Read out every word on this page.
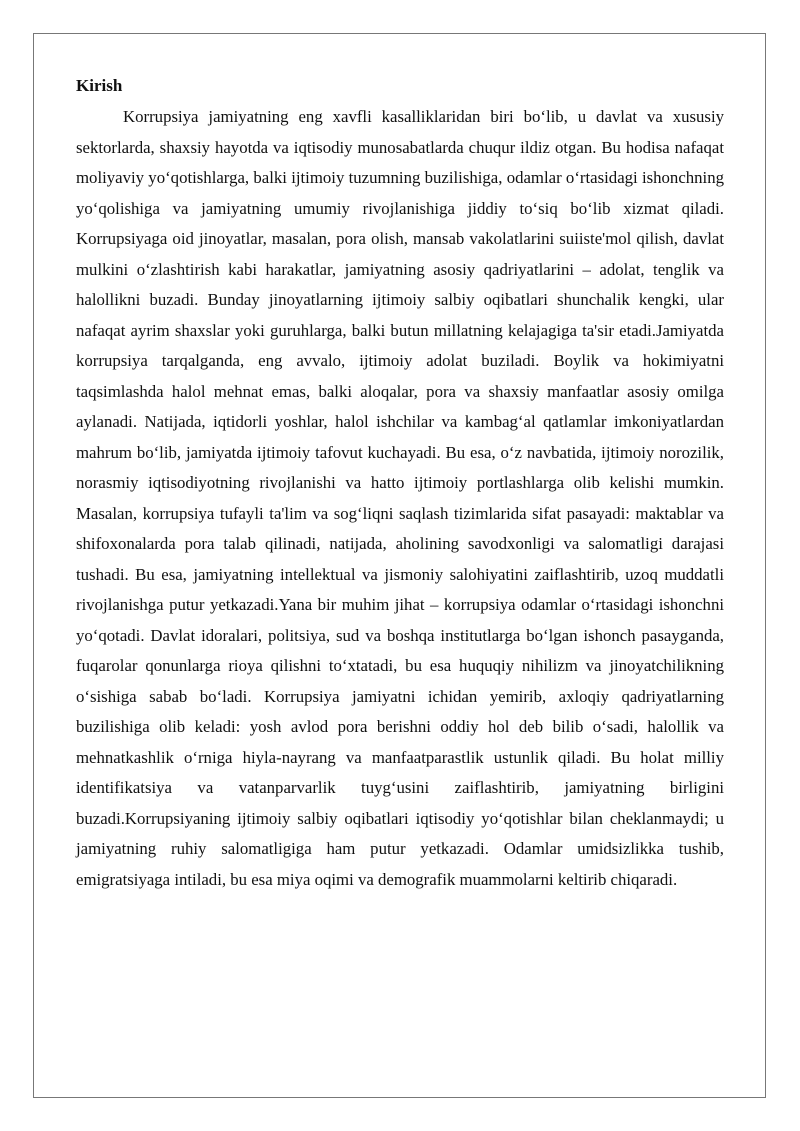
Kirish

Korrupsiya jamiyatning eng xavfli kasalliklaridan biri bo‘lib, u davlat va xususiy sektorlarda, shaxsiy hayotda va iqtisodiy munosabatlarda chuqur ildiz otgan. Bu hodisa nafaqat moliyaviy yo‘qotishlarga, balki ijtimoiy tuzumning buzilishiga, odamlar o‘rtasidagi ishonchning yo‘qolishiga va jamiyatning umumiy rivojlanishiga jiddiy to‘siq bo‘lib xizmat qiladi. Korrupsiyaga oid jinoyatlar, masalan, pora olish, mansab vakolatlarini suiiste'mol qilish, davlat mulkini o‘zlashtirish kabi harakatlar, jamiyatning asosiy qadriyatlarini – adolat, tenglik va halollikni buzadi. Bunday jinoyatlarning ijtimoiy salbiy oqibatlari shunchalik kengki, ular nafaqat ayrim shaxslar yoki guruhlarga, balki butun millatning kelajagiga ta'sir etadi.Jamiyatda korrupsiya tarqalganda, eng avvalo, ijtimoiy adolat buziladi. Boylik va hokimiyatni taqsimlashda halol mehnat emas, balki aloqalar, pora va shaxsiy manfaatlar asosiy omilga aylanadi. Natijada, iqtidorli yoshlar, halol ishchilar va kambag‘al qatlamlar imkoniyatlardan mahrum bo‘lib, jamiyatda ijtimoiy tafovut kuchayadi. Bu esa, o‘z navbatida, ijtimoiy norozilik, norasmiy iqtisodiyotning rivojlanishi va hatto ijtimoiy portlashlarga olib kelishi mumkin. Masalan, korrupsiya tufayli ta'lim va sog‘liqni saqlash tizimlarida sifat pasayadi: maktablar va shifoxonalarda pora talab qilinadi, natijada, aholining savodxonligi va salomatligi darajasi tushadi. Bu esa, jamiyatning intellektual va jismoniy salohiyatini zaiflashtirib, uzoq muddatli rivojlanishga putur yetkazadi.Yana bir muhim jihat – korrupsiya odamlar o‘rtasidagi ishonchni yo‘qotadi. Davlat idoralari, politsiya, sud va boshqa institutlarga bo‘lgan ishonch pasayganda, fuqarolar qonunlarga rioya qilishni to‘xtatadi, bu esa huquqiy nihilizm va jinoyatchilikning o‘sishiga sabab bo‘ladi. Korrupsiya jamiyatni ichidan yemirib, axloqiy qadriyatlarning buzilishiga olib keladi: yosh avlod pora berishni oddiy hol deb bilib o‘sadi, halollik va mehnatkashlik o‘rniga hiyla-nayrang va manfaatparastlik ustunlik qiladi. Bu holat milliy identifikatsiya va vatanparvarlik tuyg‘usini zaiflashtirib, jamiyatning birligini buzadi.Korrupsiyaning ijtimoiy salbiy oqibatlari iqtisodiy yo‘qotishlar bilan cheklanmaydi; u jamiyatning ruhiy salomatligiga ham putur yetkazadi. Odamlar umidsizlikka tushib, emigratsiyaga intiladi, bu esa miya oqimi va demografik muammolarni keltirib chiqaradi.
